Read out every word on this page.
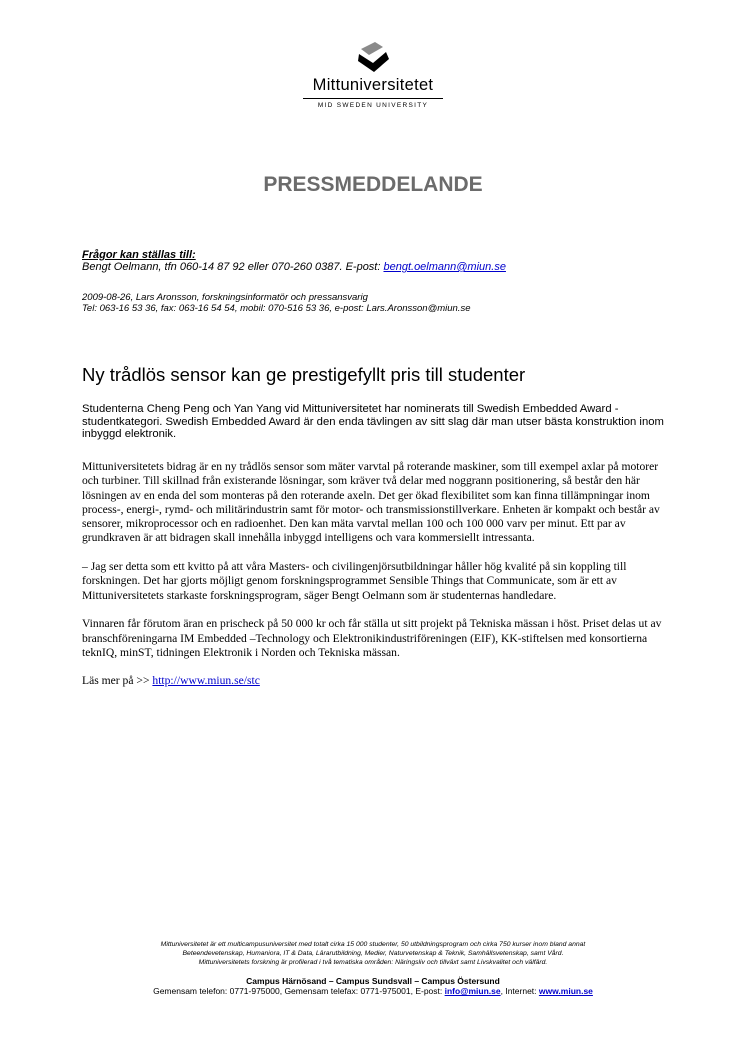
Mittuniversitetet
MID SWEDEN UNIVERSITY
PRESSMEDDELANDE
Frågor kan ställas till:
Bengt Oelmann, tfn 060-14 87 92 eller 070-260 0387. E-post: bengt.oelmann@miun.se
2009-08-26, Lars Aronsson, forskningsinformatör och pressansvarig
Tel: 063-16 53 36, fax: 063-16 54 54, mobil: 070-516 53 36, e-post: Lars.Aronsson@miun.se
Ny trådlös sensor kan ge prestigefyllt pris till studenter

Studenterna Cheng Peng och Yan Yang vid Mittuniversitetet har nominerats till Swedish Embedded Award - studentkategori. Swedish Embedded Award är den enda tävlingen av sitt slag där man utser bästa konstruktion inom inbyggd elektronik.

Mittuniversitetets bidrag är en ny trådlös sensor som mäter varvtal på roterande maskiner, som till exempel axlar på motorer och turbiner. Till skillnad från existerande lösningar, som kräver två delar med noggrann positionering, så består den här lösningen av en enda del som monteras på den roterande axeln. Det ger ökad flexibilitet som kan finna tillämpningar inom process-, energi-, rymd- och militärindustrin samt för motor- och transmissionstillverkare. Enheten är kompakt och består av sensorer, mikroprocessor och en radioenhet. Den kan mäta varvtal mellan 100 och 100 000 varv per minut. Ett par av grundkraven är att bidragen skall innehålla inbyggd intelligens och vara kommersiellt intressanta.

– Jag ser detta som ett kvitto på att våra Masters- och civilingenjörsutbildningar håller hög kvalité på sin koppling till forskningen. Det har gjorts möjligt genom forskningsprogrammet Sensible Things that Communicate, som är ett av Mittuniversitetets starkaste forskningsprogram, säger Bengt Oelmann som är studenternas handledare.

Vinnaren får förutom äran en prischeck på 50 000 kr och får ställa ut sitt projekt på Tekniska mässan i höst. Priset delas ut av branschföreningarna IM Embedded –Technology och Elektronikindustriföreningen (EIF), KK-stiftelsen med konsortierna teknIQ, minST, tidningen Elektronik i Norden och Tekniska mässan.

Läs mer på >> http://www.miun.se/stc

Mittuniversitetet är ett multicampusuniversitet med totalt cirka 15 000 studenter, 50 utbildningsprogram och cirka 750 kurser inom bland annat
Beteendevetenskap, Humaniora, IT & Data, Lärarutbildning, Medier, Naturvetenskap & Teknik, Samhällsvetenskap, samt Vård.
Mittuniversitetets forskning är profilerad i två tematiska områden: Näringsliv och tillväxt samt Livskvalitet och välfärd.
Campus Härnösand – Campus Sundsvall – Campus Östersund
Gemensam telefon: 0771-975000, Gemensam telefax: 0771-975001, E-post: info@miun.se, Internet: www.miun.se
